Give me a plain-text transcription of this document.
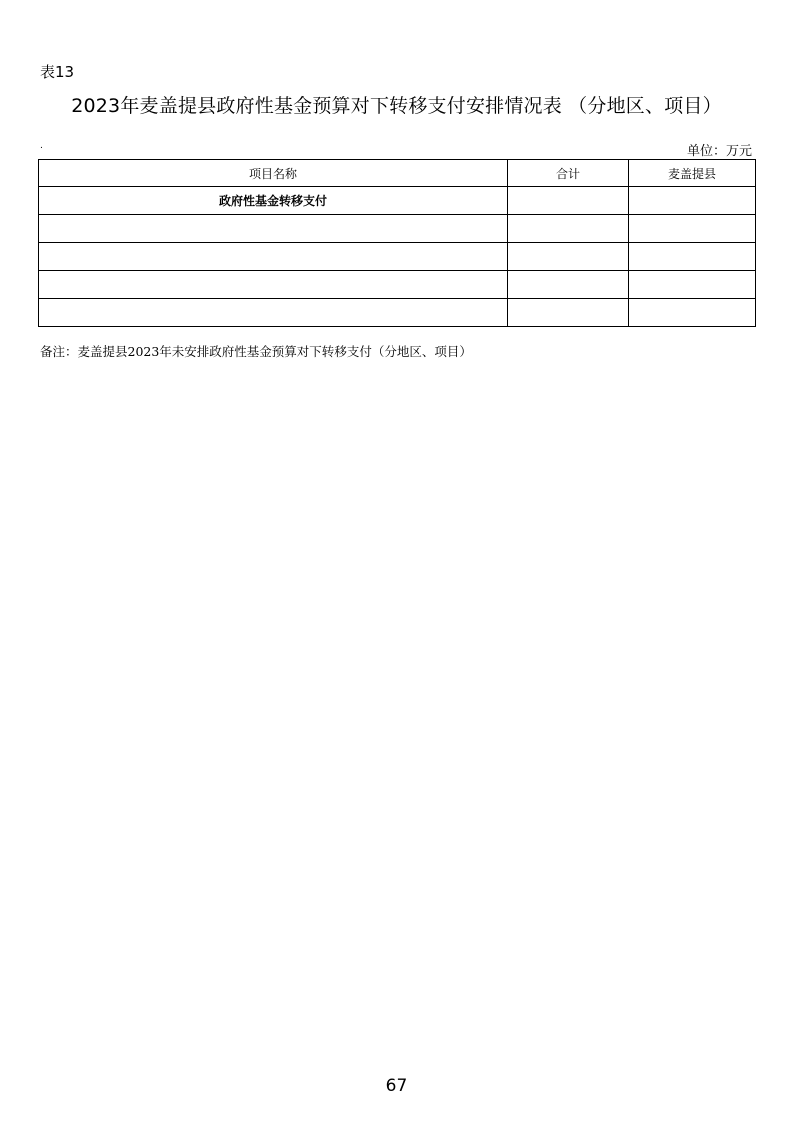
表13
2023年麦盖提县政府性基金预算对下转移支付安排情况表 （分地区、项目）
.	单位：万元
项目名称	合计	麦盖提县
政府性基金转移支付		

备注：麦盖提县2023年未安排政府性基金预算对下转移支付（分地区、项目）
67
